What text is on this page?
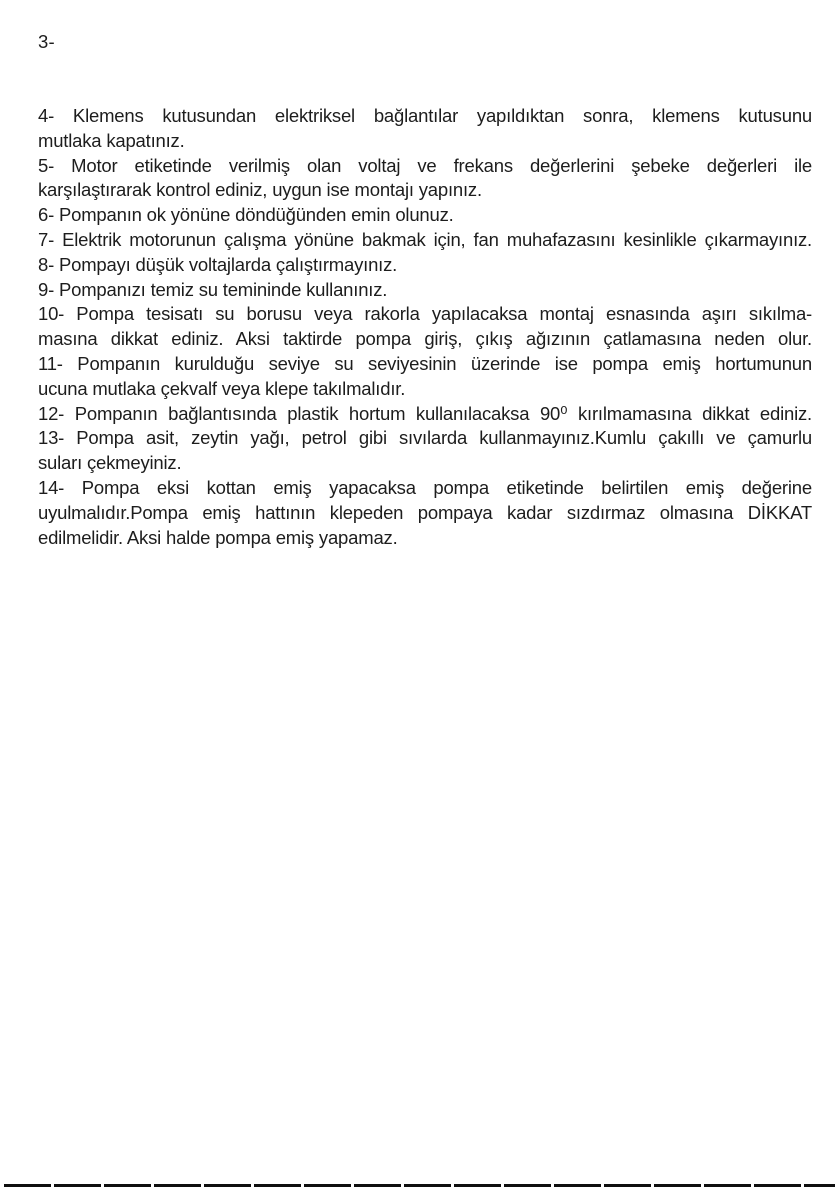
3-
4- Klemens kutusundan elektriksel bağlantılar yapıldıktan sonra, klemens kutusunu
mutlaka kapatınız.
5- Motor etiketinde verilmiş olan voltaj ve frekans değerlerini şebeke değerleri ile
karşılaştırarak kontrol ediniz, uygun ise montajı yapınız.
6- Pompanın ok yönüne döndüğünden emin olunuz.
7- Elektrik motorunun çalışma yönüne bakmak için, fan muhafazasını kesinlikle çıkarmayınız.
8- Pompayı düşük voltajlarda çalıştırmayınız.
9- Pompanızı temiz su temininde kullanınız.
10- Pompa tesisatı su borusu veya rakorla yapılacaksa montaj esnasında aşırı sıkılma-
masına dikkat ediniz. Aksi taktirde pompa giriş, çıkış ağızının çatlamasına neden olur.
11- Pompanın kurulduğu seviye su seviyesinin üzerinde ise pompa emiş hortumunun
ucuna mutlaka çekvalf veya klepe takılmalıdır.
12- Pompanın bağlantısında plastik hortum kullanılacaksa 90⁰ kırılmamasına dikkat ediniz.
13- Pompa asit, zeytin yağı, petrol gibi sıvılarda kullanmayınız.Kumlu çakıllı ve çamurlu
suları çekmeyiniz.
14- Pompa eksi kottan emiş yapacaksa pompa etiketinde belirtilen emiş değerine
uyulmalıdır.Pompa emiş hattının klepeden pompaya kadar sızdırmaz olmasına DİKKAT
edilmelidir. Aksi halde pompa emiş yapamaz.
